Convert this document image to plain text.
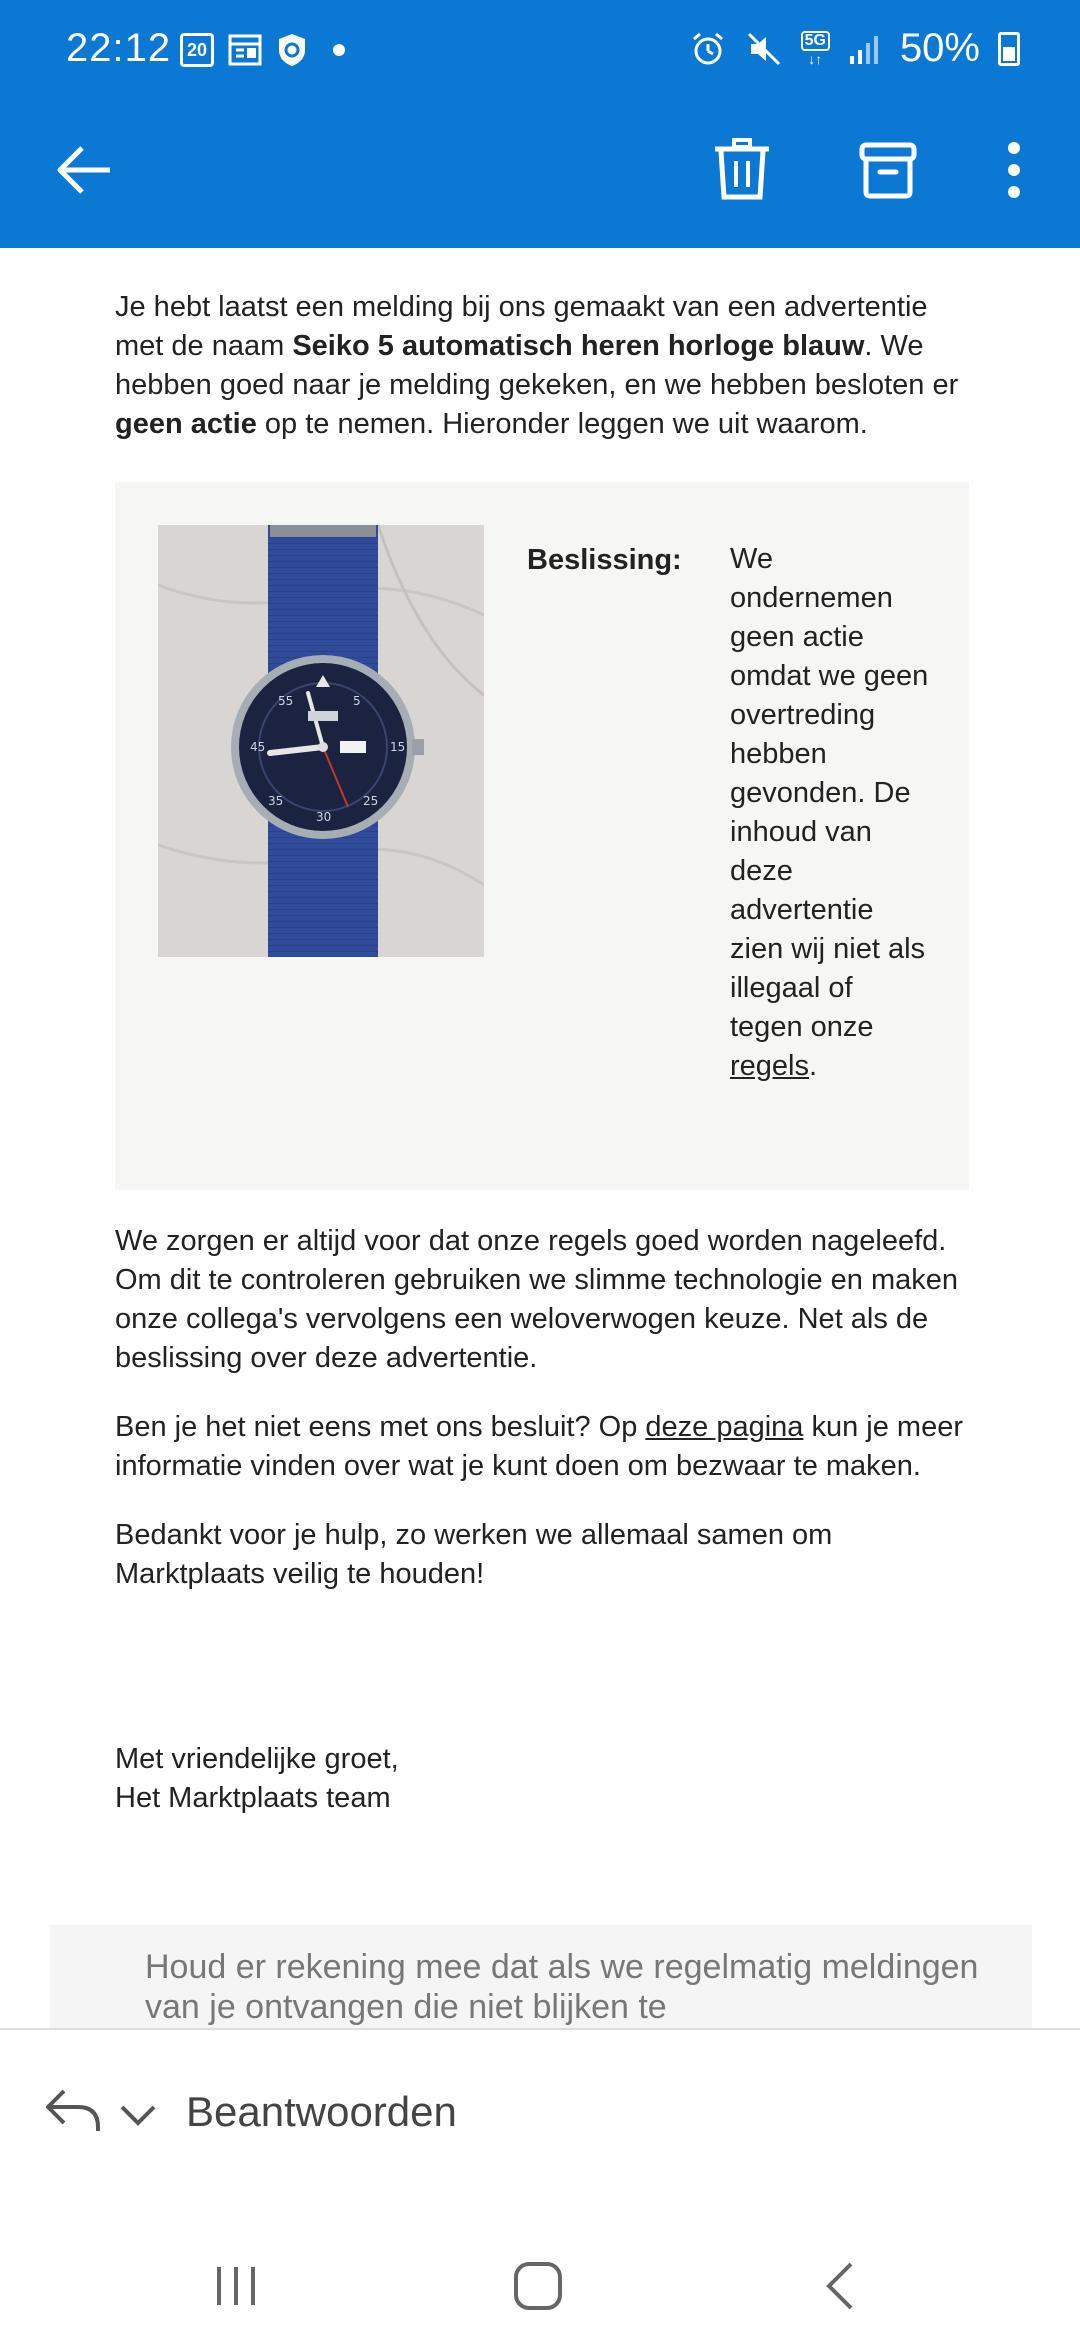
22:12 20	5G
↓↑ 50%

Je hebt laatst een melding bij ons gemaakt van een advertentie met de naam Seiko 5 automatisch heren horloge blauw. We hebben goed naar je melding gekeken, en we hebben besloten er geen actie op te nemen. Hieronder leggen we uit waarom.

55	5
15
45
30
25
35
Beslissing: We ondernemen geen actie omdat we geen overtreding hebben gevonden. De inhoud van deze advertentie zien wij niet als illegaal of tegen onze regels.

We zorgen er altijd voor dat onze regels goed worden nageleefd. Om dit te controleren gebruiken we slimme technologie en maken onze collega's vervolgens een weloverwogen keuze. Net als de beslissing over deze advertentie.

Ben je het niet eens met ons besluit? Op deze pagina kun je meer informatie vinden over wat je kunt doen om bezwaar te maken.

Bedankt voor je hulp, zo werken we allemaal samen om Marktplaats veilig te houden!

Met vriendelijke groet,
Het Marktplaats team
Houd er rekening mee dat als we regelmatig meldingen van je ontvangen die niet blijken te
Beantwoorden
